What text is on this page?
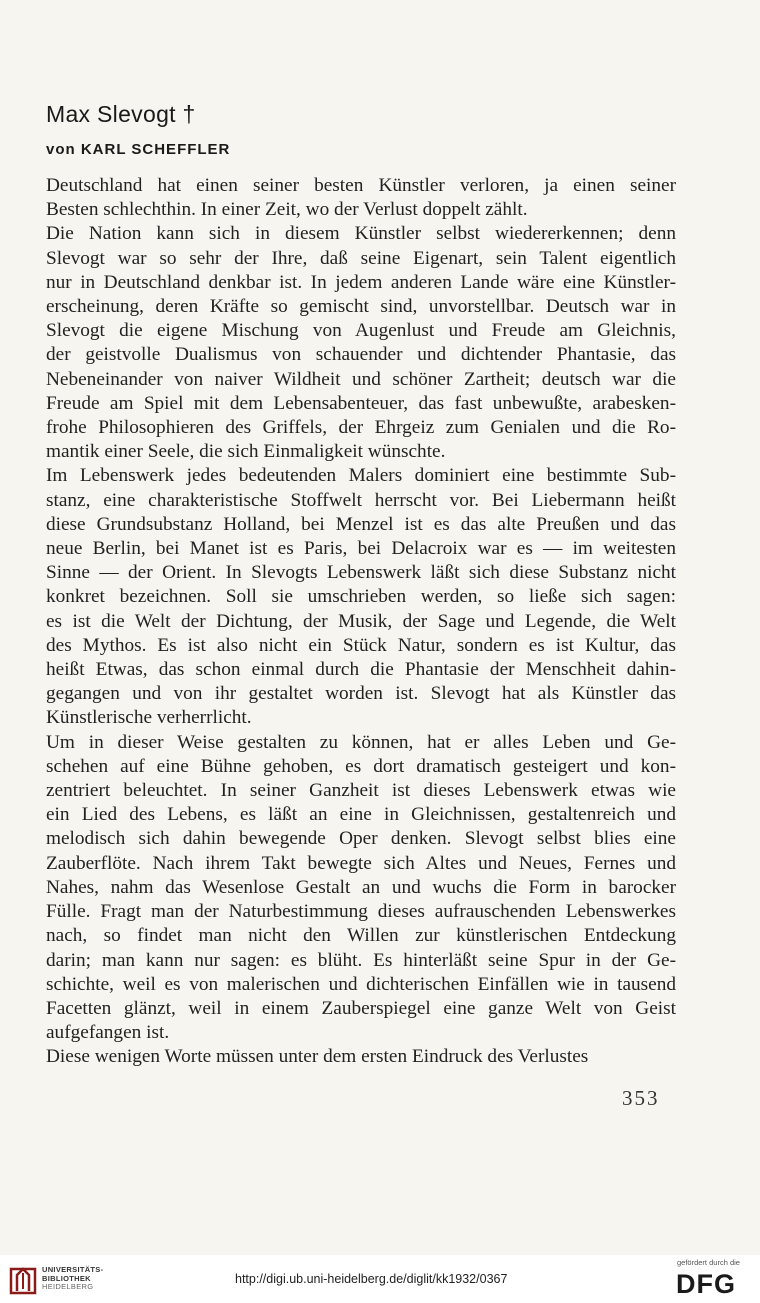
Max Slevogt †
von KARL SCHEFFLER

Deutschland hat einen seiner besten Künstler verloren, ja einen seiner
Besten schlechthin. In einer Zeit, wo der Verlust doppelt zählt.

Die Nation kann sich in diesem Künstler selbst wiedererkennen; denn
Slevogt war so sehr der Ihre, daß seine Eigenart, sein Talent eigentlich
nur in Deutschland denkbar ist. In jedem anderen Lande wäre eine Künstler-
erscheinung, deren Kräfte so gemischt sind, unvorstellbar. Deutsch war in
Slevogt die eigene Mischung von Augenlust und Freude am Gleichnis,
der geistvolle Dualismus von schauender und dichtender Phantasie, das
Nebeneinander von naiver Wildheit und schöner Zartheit; deutsch war die
Freude am Spiel mit dem Lebensabenteuer, das fast unbewußte, arabesken-
frohe Philosophieren des Griffels, der Ehrgeiz zum Genialen und die Ro-
mantik einer Seele, die sich Einmaligkeit wünschte.

Im Lebenswerk jedes bedeutenden Malers dominiert eine bestimmte Sub-
stanz, eine charakteristische Stoffwelt herrscht vor. Bei Liebermann heißt
diese Grundsubstanz Holland, bei Menzel ist es das alte Preußen und das
neue Berlin, bei Manet ist es Paris, bei Delacroix war es — im weitesten
Sinne — der Orient. In Slevogts Lebenswerk läßt sich diese Substanz nicht
konkret bezeichnen. Soll sie umschrieben werden, so ließe sich sagen:
es ist die Welt der Dichtung, der Musik, der Sage und Legende, die Welt
des Mythos. Es ist also nicht ein Stück Natur, sondern es ist Kultur, das
heißt Etwas, das schon einmal durch die Phantasie der Menschheit dahin-
gegangen und von ihr gestaltet worden ist. Slevogt hat als Künstler das
Künstlerische verherrlicht.

Um in dieser Weise gestalten zu können, hat er alles Leben und Ge-
schehen auf eine Bühne gehoben, es dort dramatisch gesteigert und kon-
zentriert beleuchtet. In seiner Ganzheit ist dieses Lebenswerk etwas wie
ein Lied des Lebens, es läßt an eine in Gleichnissen, gestaltenreich und
melodisch sich dahin bewegende Oper denken. Slevogt selbst blies eine
Zauberflöte. Nach ihrem Takt bewegte sich Altes und Neues, Fernes und
Nahes, nahm das Wesenlose Gestalt an und wuchs die Form in barocker
Fülle. Fragt man der Naturbestimmung dieses aufrauschenden Lebenswerkes
nach, so findet man nicht den Willen zur künstlerischen Entdeckung
darin; man kann nur sagen: es blüht. Es hinterläßt seine Spur in der Ge-
schichte, weil es von malerischen und dichterischen Einfällen wie in tausend
Facetten glänzt, weil in einem Zauberspiegel eine ganze Welt von Geist
aufgefangen ist.

Diese wenigen Worte müssen unter dem ersten Eindruck des Verlustes

353
UNIVERSITÄTS-
BIBLIOTHEK
HEIDELBERG
http://digi.ub.uni-heidelberg.de/diglit/kk1932/0367
gefördert durch die
DFG
